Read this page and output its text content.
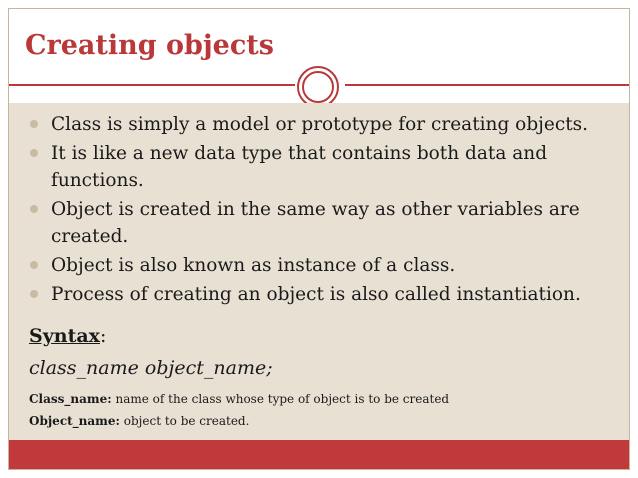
Creating objects
Class is simply a model or prototype for creating objects.
It is like a new data type that contains both data and functions.
Object is created in the same way as other variables are created.
Object is also known as instance of a class.
Process of creating an object is also called instantiation.
Syntax:
class_name object_name;
Class_name: name of the class whose type of object is to be created
Object_name: object to be created.
